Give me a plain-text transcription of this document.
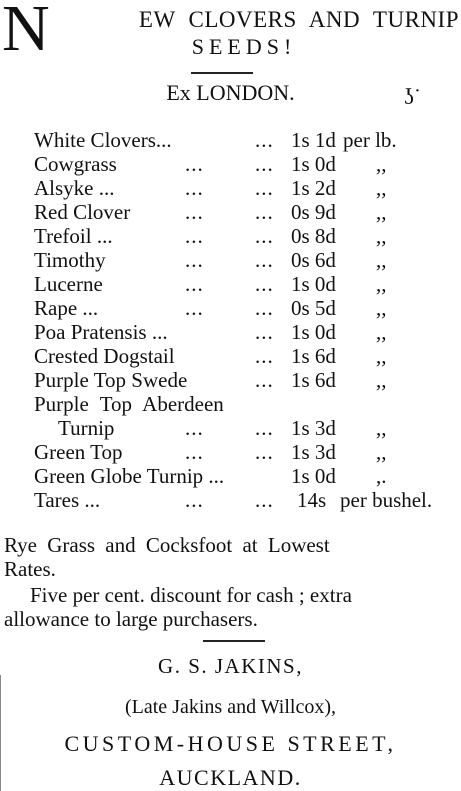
N	EW CLOVERS AND TURNIP
SEEDS!
Ex LONDON.	ʖ˙
White Clovers...	... 1s 1d per lb.
Cowgrass	... ... 1s 0d ,,
Alsyke ...	... ... 1s 2d ,,
Red Clover	... ... 0s 9d ,,
Trefoil ...	... ... 0s 8d ,,
Timothy	... ... 0s 6d ,,
Lucerne	... ... 1s 0d ,,
Rape ...	... ... 0s 5d ,,
Poa Pratensis ...	... 1s 0d ,,
Crested Dogstail	... 1s 6d ,,
Purple Top Swede	... 1s 6d ,,
Purple Top Aberdeen
Turnip	... ... 1s 3d ,,
Green Top	... ... 1s 3d ,,
Green Globe Turnip ...	1s 0d ,.
Tares ...	... ... 14s per bushel.
Rye Grass and Cocksfoot at Lowest
Rates.
Five per cent. discount for cash ; extra
allowance to large purchasers.
G. S. JAKINS,
(Late Jakins and Willcox),
CUSTOM-HOUSE STREET,
AUCKLAND.
